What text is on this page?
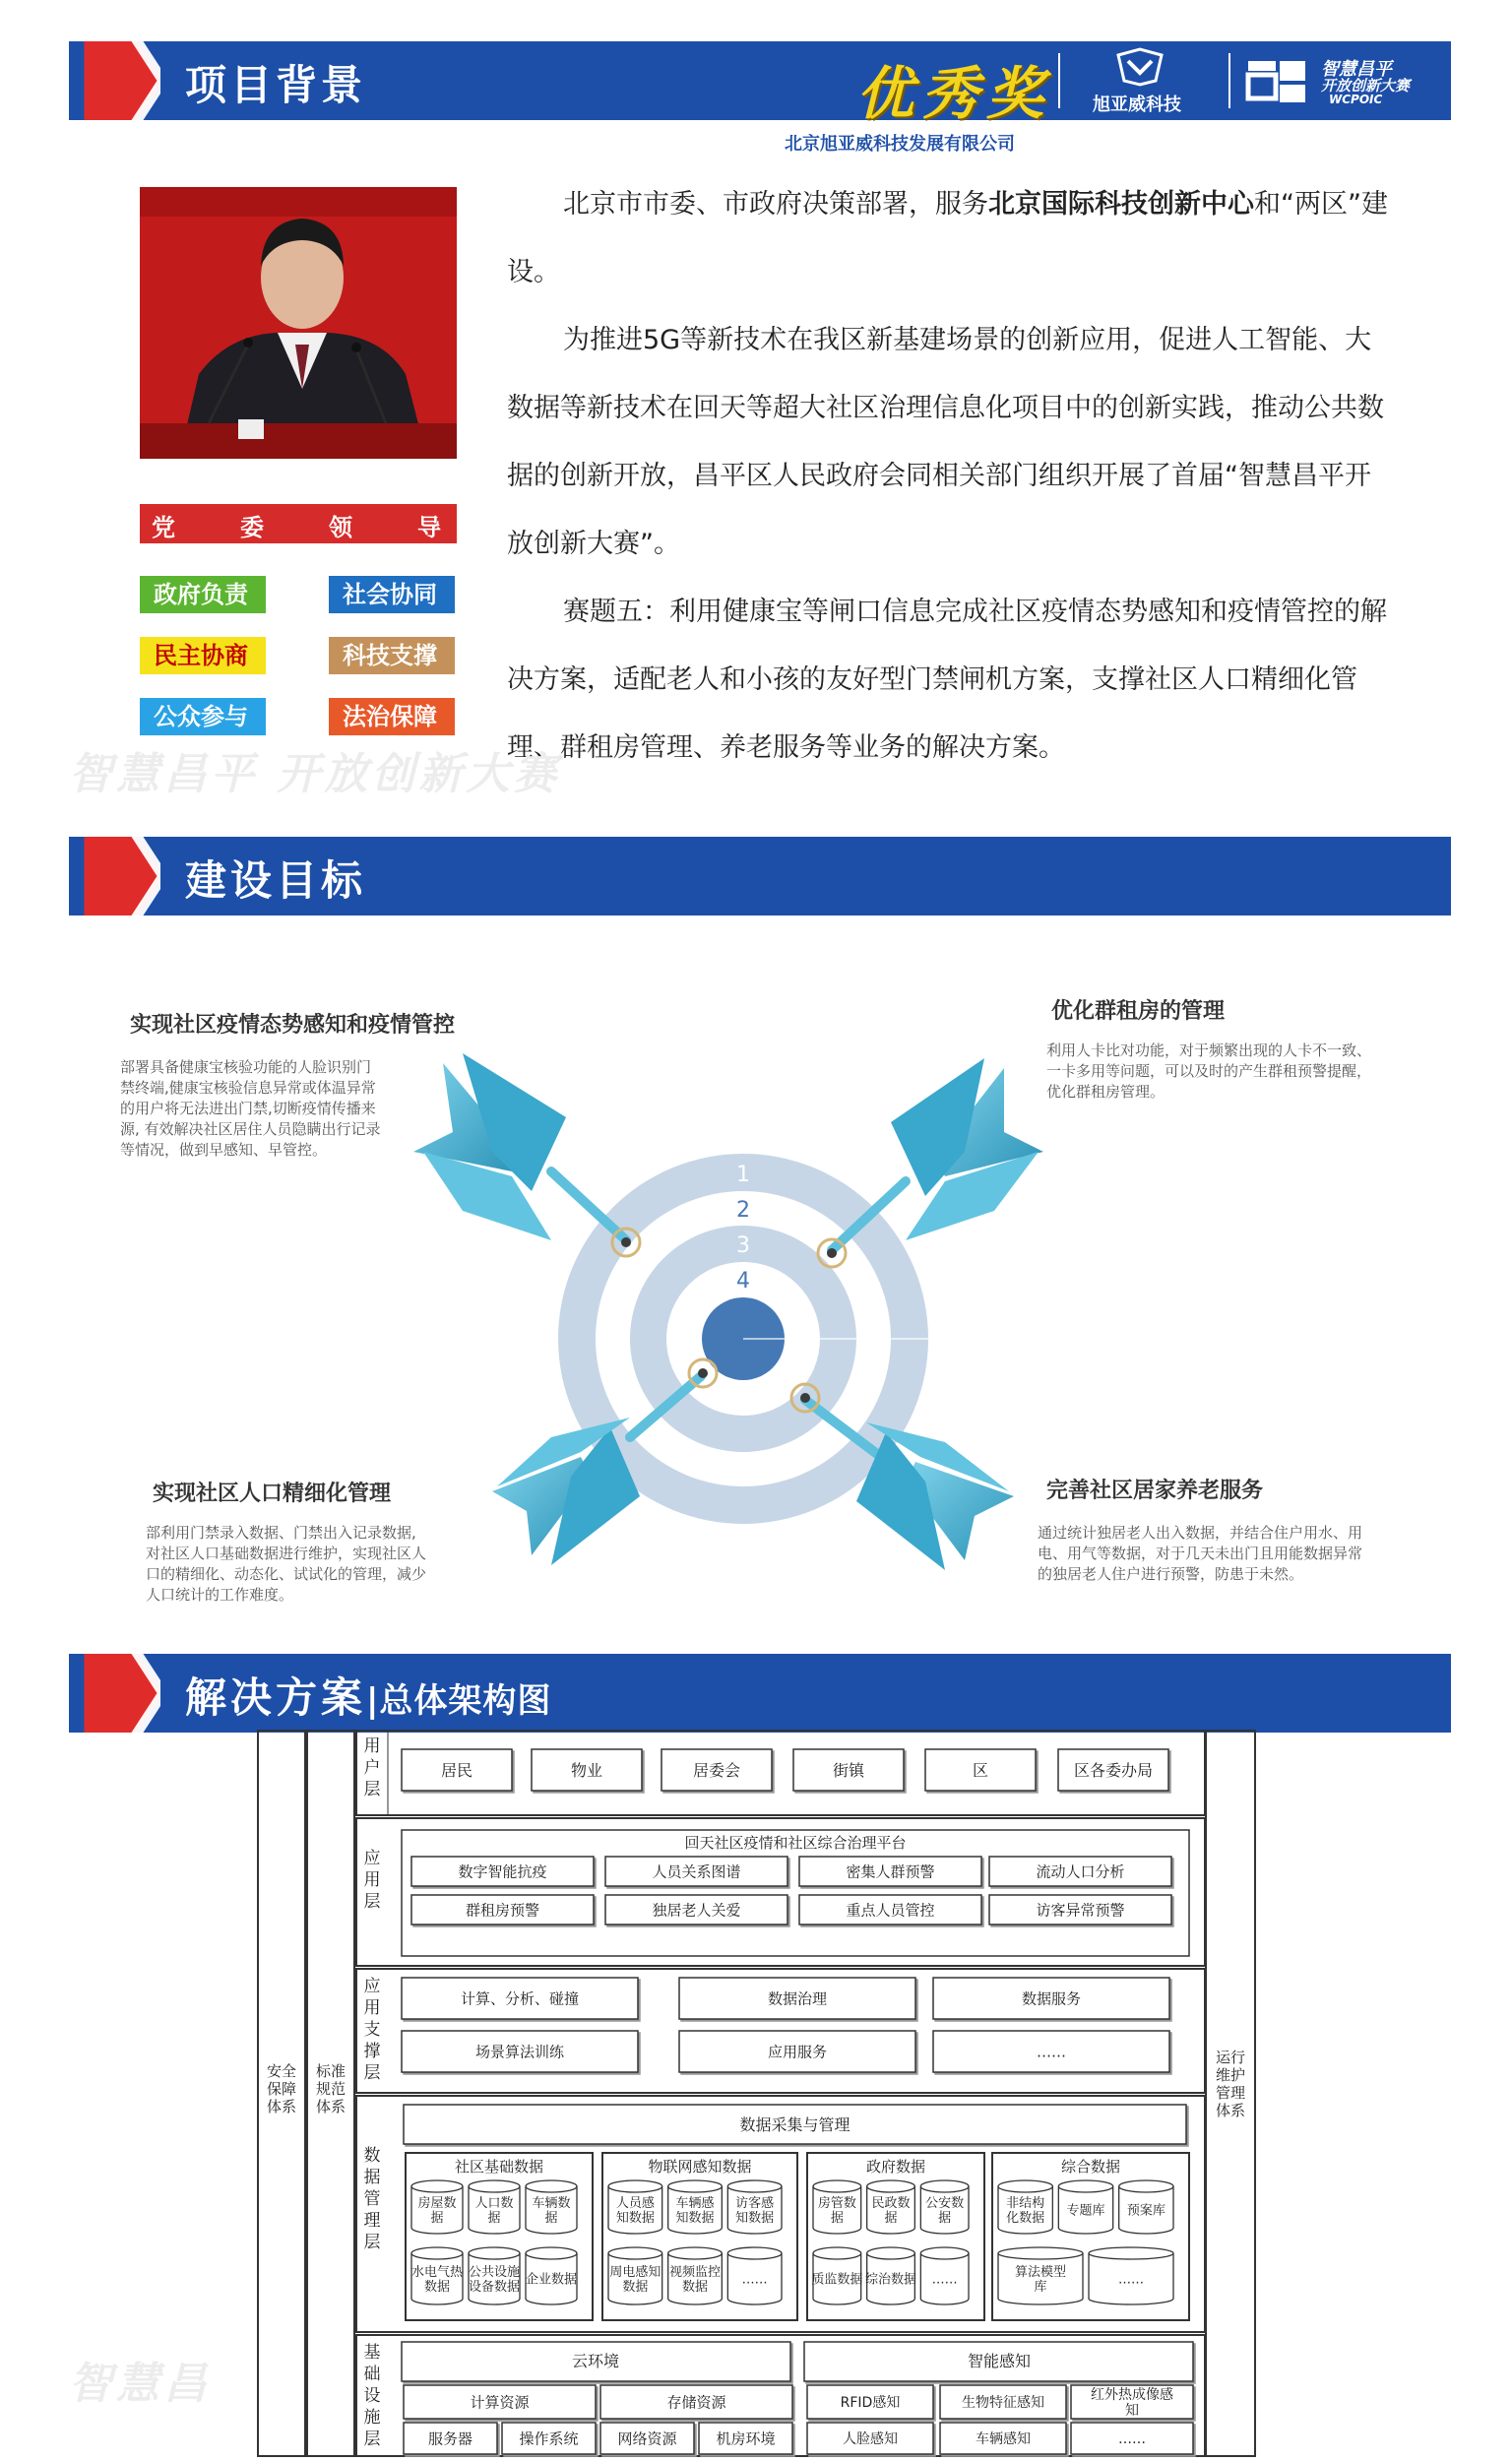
项目背景	优秀奖 旭亚威科技
智慧昌平
开放创新大赛
WCPOIC
北京旭亚威科技发展有限公司
党	委	领	导
政府负责	社会协同
民主协商	科技支撑
公众参与	法治保障

北京市市委、市政府决策部署，服务北京国际科技创新中心和“两区”建设。

为推进5G等新技术在我区新基建场景的创新应用，促进人工智能、大数据等新技术在回天等超大社区治理信息化项目中的创新实践，推动公共数据的创新开放，昌平区人民政府会同相关部门组织开展了首届“智慧昌平开放创新大赛”。

赛题五：利用健康宝等闸口信息完成社区疫情态势感知和疫情管控的解决方案，适配老人和小孩的友好型门禁闸机方案，支撑社区人口精细化管理、群租房管理、养老服务等业务的解决方案。

智慧昌平 开放创新大赛
建设目标
1
2
3
4
实现社区疫情态势感知和疫情管控
部署具备健康宝核验功能的人脸识别门
禁终端,健康宝核验信息异常或体温异常
的用户将无法进出门禁,切断疫情传播来
源, 有效解决社区居住人员隐瞒出行记录
等情况，做到早感知、早管控。
优化群租房的管理
利用人卡比对功能，对于频繁出现的人卡不一致、
一卡多用等问题，可以及时的产生群租预警提醒，
优化群租房管理。
实现社区人口精细化管理
部利用门禁录入数据、门禁出入记录数据,
对社区人口基础数据进行维护，实现社区人
口的精细化、动态化、试试化的管理，减少
人口统计的工作难度。
完善社区居家养老服务
通过统计独居老人出入数据，并结合住户用水、用
电、用气等数据，对于几天未出门且用能数据异常
的独居老人住户进行预警，防患于未然。
解决方案|总体架构图
智慧昌
安全
保障
体系
标准
规范
体系
运行
维护
管理
体系
用
户
层
应
用
层
应
用
支
撑
层
数
据
管
理
层
基
础
设
施
层
居民	物业	居委会	街镇	区	区各委办局
回天社区疫情和社区综合治理平台
数字智能抗疫	人员关系图谱	密集人群预警	流动人口分析
群租房预警	独居老人关爱	重点人员管控	访客异常预警
计算、分析、碰撞	数据治理	数据服务
场景算法训练	应用服务	……
数据采集与管理
社区基础数据
房屋数
据
人口数
据
车辆数
据
水电气热
数据
公共设施
设备数据 企业数据
物联网感知数据
人员感
知数据
车辆感
知数据
访客感
知数据
周电感知
数据
视频监控
数据	……
政府数据
房管数
据
民政数
据
公安数
据
质监数据 综治数据 ……
综合数据
非结构
化数据 专题库 预案库
算法模型
库	……
云环境
计算资源	存储资源
服务器	操作系统	网络资源	机房环境
智能感知
RFID感知	生物特征感知	红外热成像感
知
人脸感知	车辆感知	……
